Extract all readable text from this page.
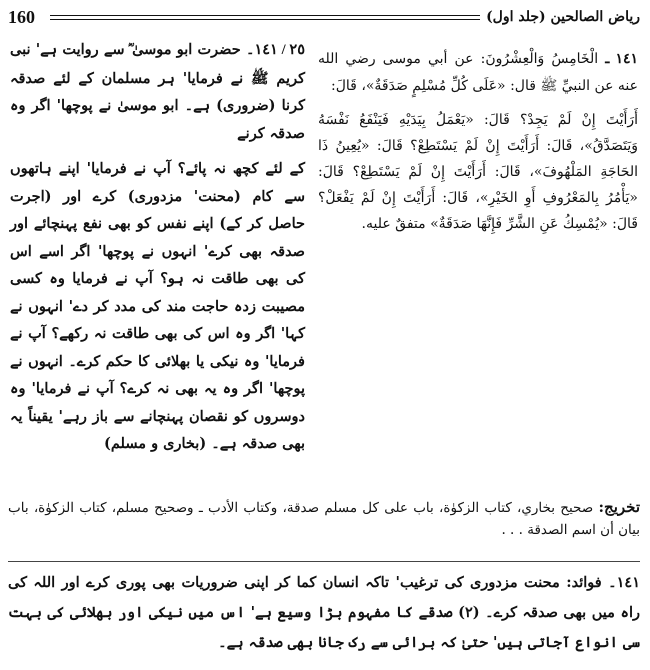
160	رياض الصالحين (جلد اول)
٢٥ / ١٤١۔ حضرت ابو موسیٰ ؓ سے روایت ہے' نبی کریم ﷺ نے فرمایا' ہر مسلمان کے لئے صدقہ کرنا (ضروری) ہے۔ ابو موسیٰ نے پوچھا' اگر وہ صدقہ کرنے
کے لئے کچھ نہ پائے؟ آپ نے فرمایا' اپنے ہاتھوں سے کام (محنت' مزدوری) کرے اور (اجرت حاصل کر کے) اپنے نفس کو بھی نفع پہنچائے اور صدقہ بھی کرے' انہوں نے پوچھا' اگر اسے اس کی بھی طاقت نہ ہو؟ آپ نے فرمایا وہ کسی مصیبت زدہ حاجت مند کی مدد کر دے' انہوں نے کہا' اگر وہ اس کی بھی طاقت نہ رکھے؟ آپ نے فرمایا' وہ نیکی یا بھلائی کا حکم کرے۔ انہوں نے پوچھا' اگر وہ یہ بھی نہ کرے؟ آپ نے فرمایا' وہ دوسروں کو نقصان پہنچانے سے باز رہے' یقیناً یہ بھی صدقہ ہے۔ (بخاری و مسلم)
١٤١ ـ الْخَامِسُ وَالْعِشْرُونَ: عن أبي موسى رضي الله عنه عن النبيِّ ﷺ قال: «عَلَى كُلِّ مُسْلِمٍ صَدَقَةٌ»، قَالَ:
أَرَأَيْتَ إِنْ لَمْ يَجِدْ؟ قَالَ: «يَعْمَلُ بِيَدَيْهِ فَيَنْفَعُ نَفْسَهُ وَيَتَصَدَّقُ»، قَالَ: أَرَأَيْتَ إِنْ لَمْ يَسْتَطِعْ؟ قَالَ: «يُعِينُ ذَا الحَاجَةِ المَلْهُوفَ»، قَالَ: أَرَأَيْتَ إِنْ لَمْ يَسْتَطِعْ؟ قَالَ: «يَأْمُرُ بِالمَعْرُوفِ أَوِ الخَيْرِ»، قَالَ: أَرَأَيْتَ إِنْ لَمْ يَفْعَلْ؟ قَالَ: «يُمْسِكُ عَنِ الشَّرِّ فَإِنَّهَا صَدَقَةٌ» متفقٌ عليه.
تخريج: صحيح بخاري، كتاب الزكوٰة، باب على كل مسلم صدقة، وكتاب الأدب ـ وصحيح مسلم، كتاب الزكوٰة، باب بيان أن اسم الصدقة . . .
١٤١۔ فوائد: محنت مزدوری کی ترغیب' تاکہ انسان کما کر اپنی ضروریات بھی پوری کرے اور اللہ کی راہ میں بھی صدقہ کرے۔ (۲) صدقے کا مفہوم بڑا وسیع ہے' اس میں نیکی اور بھلائی کی بہت سی انواع آجاتی ہیں' حتیٰ کہ برائی سے رک جانا بھی صدقہ ہے۔
